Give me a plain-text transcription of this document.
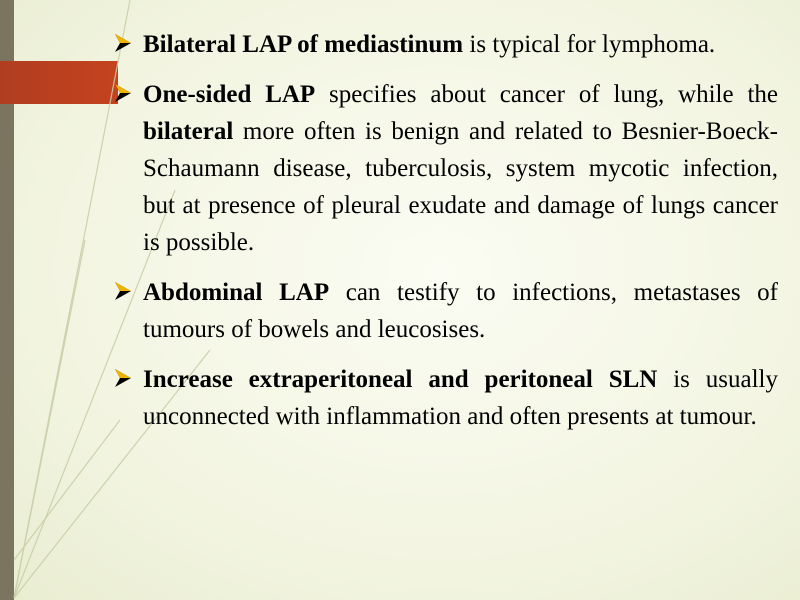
Bilateral LAP of mediastinum is typical for lymphoma.
One-sided LAP specifies about cancer of lung, while the bilateral more often is benign and related to Besnier-Boeck-Schaumann disease, tuberculosis, system mycotic infection, but at presence of pleural exudate and damage of lungs cancer is possible.
Abdominal LAP can testify to infections, metastases of tumours of bowels and leucosises.
Increase extraperitoneal and peritoneal SLN is usually unconnected with inflammation and often presents at tumour.
